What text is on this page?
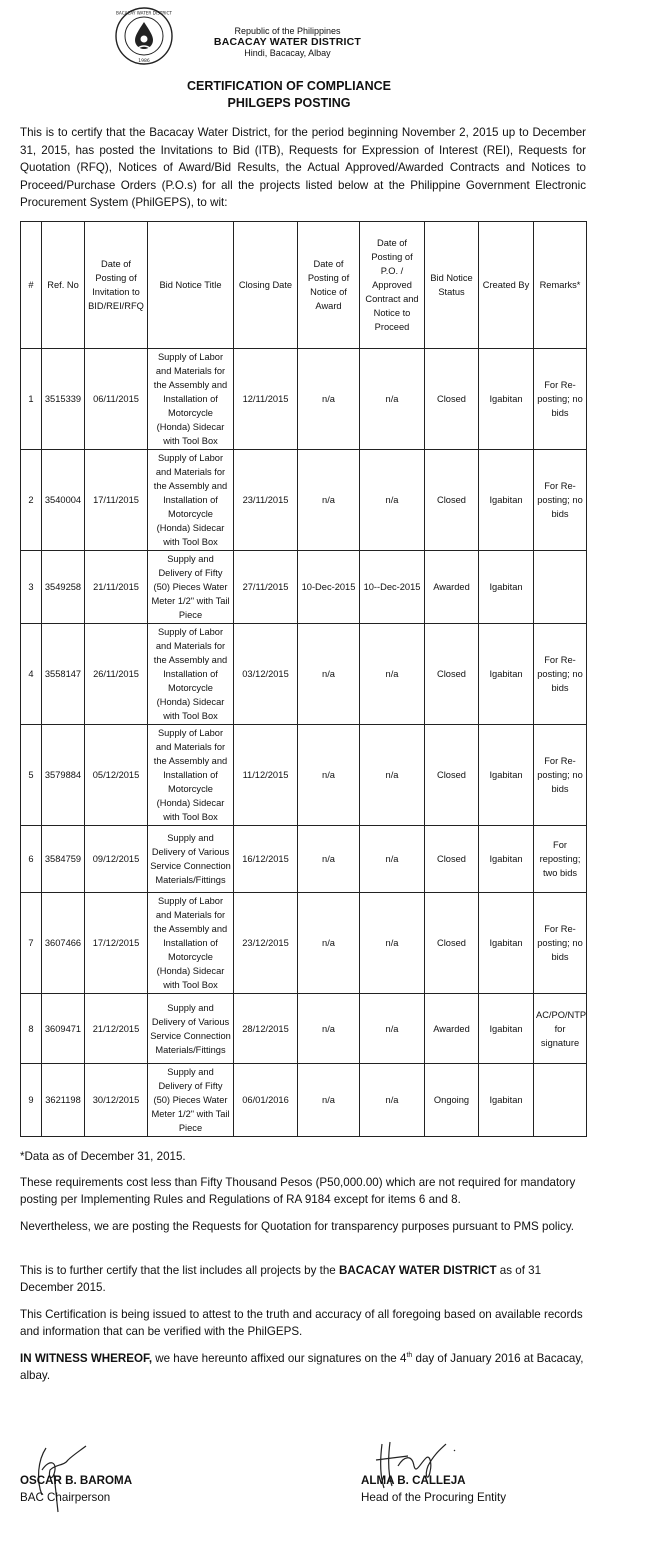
BACACAY WATER DISTRICT
1986
Republic of the Philippines
BACACAY WATER DISTRICT
Hindi, Bacacay, Albay
CERTIFICATION OF COMPLIANCE
PHILGEPS POSTING
This is to certify that the Bacacay Water District, for the period beginning November 2, 2015 up to December 31, 2015, has posted the Invitations to Bid (ITB), Requests for Expression of Interest (REI), Requests for Quotation (RFQ), Notices of Award/Bid Results, the Actual Approved/Awarded Contracts and Notices to Proceed/Purchase Orders (P.O.s) for all the projects listed below at the Philippine Government Electronic Procurement System (PhilGEPS), to wit:
#	Ref. No	Date of Posting of Invitation to BID/REI/RFQ	Bid Notice Title	Closing Date	Date of Posting of Notice of Award	Date of Posting of P.O. / Approved Contract and Notice to Proceed	Bid Notice Status	Created By	Remarks*
1	3515339	06/11/2015	Supply of Labor and Materials for the Assembly and Installation of Motorcycle (Honda) Sidecar with Tool Box	12/11/2015	n/a	n/a	Closed	Igabitan	For Re-posting; no bids
2	3540004	17/11/2015	Supply of Labor and Materials for the Assembly and Installation of Motorcycle (Honda) Sidecar with Tool Box	23/11/2015	n/a	n/a	Closed	Igabitan	For Re-posting; no bids
3	3549258	21/11/2015	Supply and Delivery of Fifty (50) Pieces Water Meter 1/2" with Tail Piece	27/11/2015	10-Dec-2015	10--Dec-2015	Awarded	Igabitan	
4	3558147	26/11/2015	Supply of Labor and Materials for the Assembly and Installation of Motorcycle (Honda) Sidecar with Tool Box	03/12/2015	n/a	n/a	Closed	Igabitan	For Re-posting; no bids
5	3579884	05/12/2015	Supply of Labor and Materials for the Assembly and Installation of Motorcycle (Honda) Sidecar with Tool Box	11/12/2015	n/a	n/a	Closed	Igabitan	For Re-posting; no bids
6	3584759	09/12/2015	Supply and Delivery of Various Service Connection Materials/Fittings	16/12/2015	n/a	n/a	Closed	Igabitan	For reposting; two bids
7	3607466	17/12/2015	Supply of Labor and Materials for the Assembly and Installation of Motorcycle (Honda) Sidecar with Tool Box	23/12/2015	n/a	n/a	Closed	Igabitan	For Re-posting; no bids
8	3609471	21/12/2015	Supply and Delivery of Various Service Connection Materials/Fittings	28/12/2015	n/a	n/a	Awarded	Igabitan	AC/PO/NTP for signature
9	3621198	30/12/2015	Supply and Delivery of Fifty (50) Pieces Water Meter 1/2" with Tail Piece	06/01/2016	n/a	n/a	Ongoing	Igabitan	

*Data as of December 31, 2015.

These requirements cost less than Fifty Thousand Pesos (P50,000.00) which are not required for mandatory posting per Implementing Rules and Regulations of RA 9184 except for items 6 and 8.

Nevertheless, we are posting the Requests for Quotation for transparency purposes pursuant to PMS policy.

This is to further certify that the list includes all projects by the BACACAY WATER DISTRICT as of 31 December 2015.

This Certification is being issued to attest to the truth and accuracy of all foregoing based on available records and information that can be verified with the PhilGEPS.

IN WITNESS WHEREOF, we have hereunto affixed our signatures on the 4th day of January 2016 at Bacacay, albay.

OSCAR B. BAROMA
BAC Chairperson
ALMA B. CALLEJA
Head of the Procuring Entity
